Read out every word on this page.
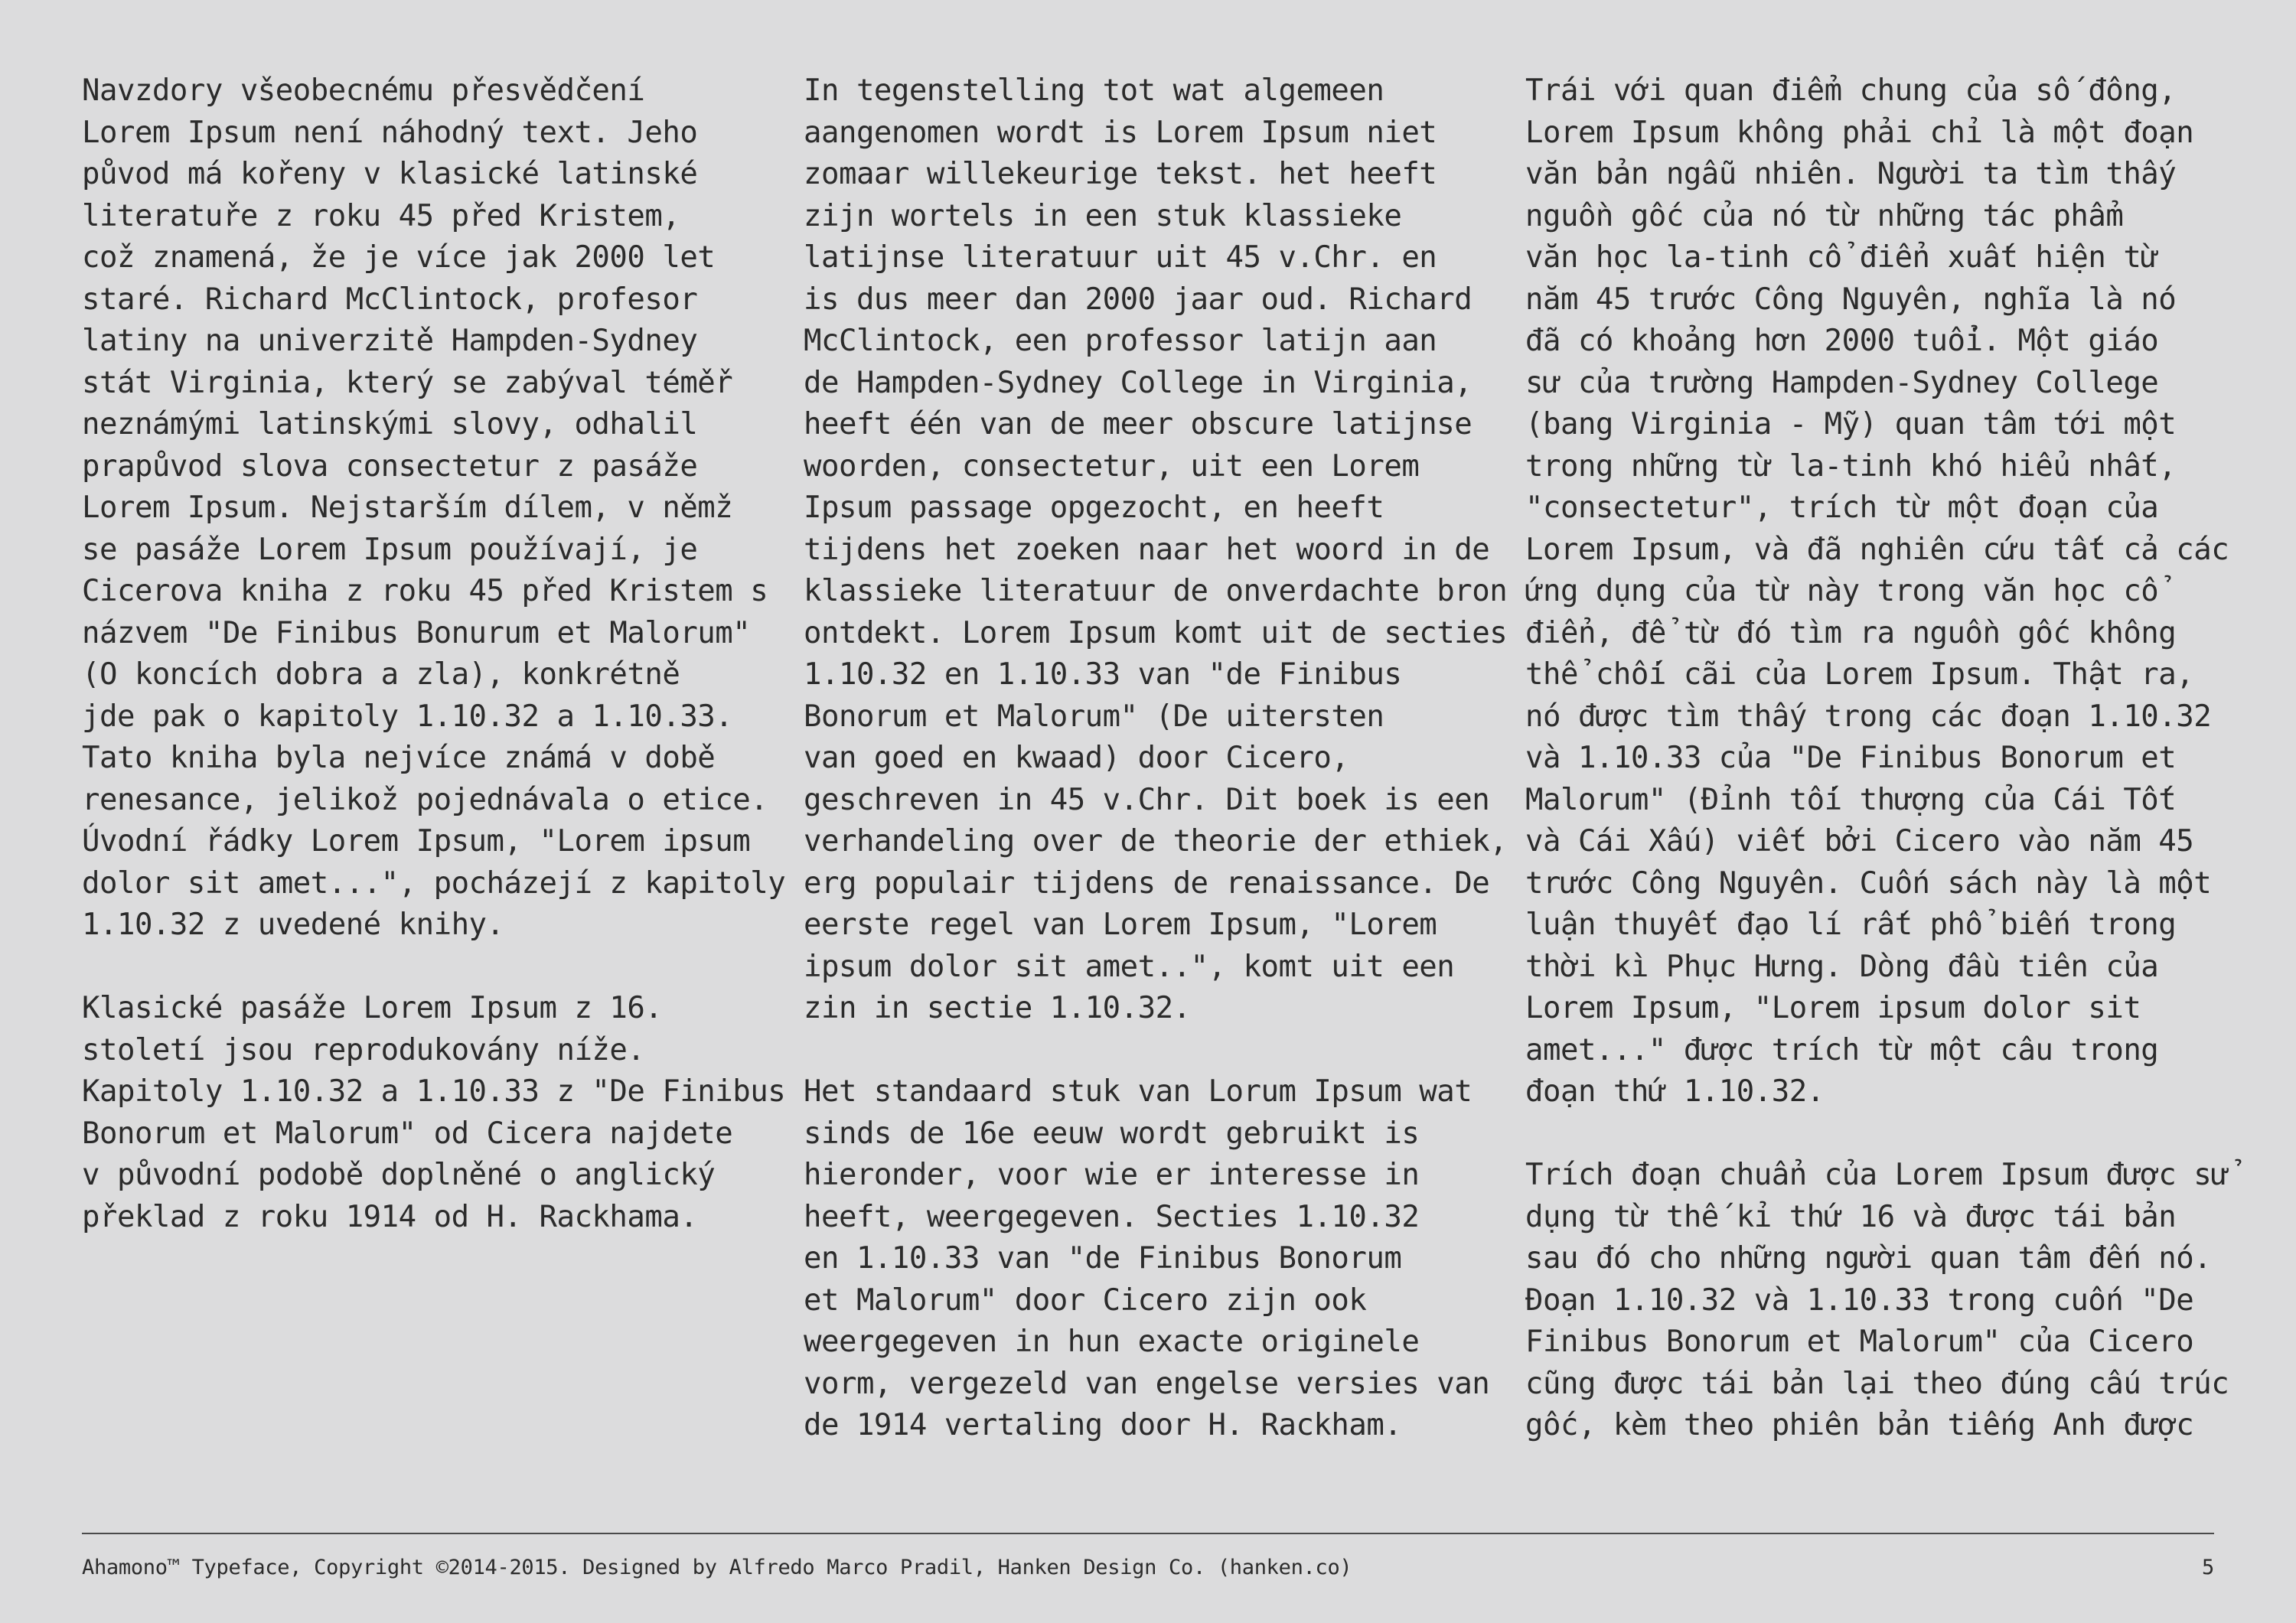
Navzdory všeobecnému přesvědčení
Lorem Ipsum není náhodný text. Jeho
původ má kořeny v klasické latinské
literatuře z roku 45 před Kristem,
což znamená, že je více jak 2000 let
staré. Richard McClintock, profesor
latiny na univerzitě Hampden-Sydney
stát Virginia, který se zabýval téměř
neznámými latinskými slovy, odhalil
prapůvod slova consectetur z pasáže
Lorem Ipsum. Nejstarším dílem, v němž
se pasáže Lorem Ipsum používají, je
Cicerova kniha z roku 45 před Kristem s
názvem "De Finibus Bonurum et Malorum"
(O koncích dobra a zla), konkrétně
jde pak o kapitoly 1.10.32 a 1.10.33.
Tato kniha byla nejvíce známá v době
renesance, jelikož pojednávala o etice.
Úvodní řádky Lorem Ipsum, "Lorem ipsum
dolor sit amet...", pocházejí z kapitoly
1.10.32 z uvedené knihy.
Klasické pasáže Lorem Ipsum z 16.
století jsou reprodukovány níže.
Kapitoly 1.10.32 a 1.10.33 z "De Finibus
Bonorum et Malorum" od Cicera najdete
v původní podobě doplněné o anglický
překlad z roku 1914 od H. Rackhama.
In tegenstelling tot wat algemeen
aangenomen wordt is Lorem Ipsum niet
zomaar willekeurige tekst. het heeft
zijn wortels in een stuk klassieke
latijnse literatuur uit 45 v.Chr. en
is dus meer dan 2000 jaar oud. Richard
McClintock, een professor latijn aan
de Hampden-Sydney College in Virginia,
heeft één van de meer obscure latijnse
woorden, consectetur, uit een Lorem
Ipsum passage opgezocht, en heeft
tijdens het zoeken naar het woord in de
klassieke literatuur de onverdachte bron
ontdekt. Lorem Ipsum komt uit de secties
1.10.32 en 1.10.33 van "de Finibus
Bonorum et Malorum" (De uitersten
van goed en kwaad) door Cicero,
geschreven in 45 v.Chr. Dit boek is een
verhandeling over de theorie der ethiek,
erg populair tijdens de renaissance. De
eerste regel van Lorem Ipsum, "Lorem
ipsum dolor sit amet..", komt uit een
zin in sectie 1.10.32.
Het standaard stuk van Lorum Ipsum wat
sinds de 16e eeuw wordt gebruikt is
hieronder, voor wie er interesse in
heeft, weergegeven. Secties 1.10.32
en 1.10.33 van "de Finibus Bonorum
et Malorum" door Cicero zijn ook
weergegeven in hun exacte originele
vorm, vergezeld van engelse versies van
de 1914 vertaling door H. Rackham.
Trái với quan điểm chung của số đông,
Lorem Ipsum không phải chỉ là một đoạn
văn bản ngẫu nhiên. Người ta tìm thấy
nguồn gốc của nó từ những tác phẩm
văn học la-tinh cổ điển xuất hiện từ
năm 45 trước Công Nguyên, nghĩa là nó
đã có khoảng hơn 2000 tuổi. Một giáo
sư của trường Hampden-Sydney College
(bang Virginia - Mỹ) quan tâm tới một
trong những từ la-tinh khó hiểu nhất,
"consectetur", trích từ một đoạn của
Lorem Ipsum, và đã nghiên cứu tất cả các
ứng dụng của từ này trong văn học cổ
điển, để từ đó tìm ra nguồn gốc không
thể chối cãi của Lorem Ipsum. Thật ra,
nó được tìm thấy trong các đoạn 1.10.32
và 1.10.33 của "De Finibus Bonorum et
Malorum" (Đỉnh tối thượng của Cái Tốt
và Cái Xấu) viết bởi Cicero vào năm 45
trước Công Nguyên. Cuốn sách này là một
luận thuyết đạo lí rất phổ biến trong
thời kì Phục Hưng. Dòng đầu tiên của
Lorem Ipsum, "Lorem ipsum dolor sit
amet..." được trích từ một câu trong
đoạn thứ 1.10.32.
Trích đoạn chuẩn của Lorem Ipsum được sử
dụng từ thế kỉ thứ 16 và được tái bản
sau đó cho những người quan tâm đến nó.
Đoạn 1.10.32 và 1.10.33 trong cuốn "De
Finibus Bonorum et Malorum" của Cicero
cũng được tái bản lại theo đúng cấu trúc
gốc, kèm theo phiên bản tiếng Anh được
Ahamono™ Typeface, Copyright ©2014-2015. Designed by Alfredo Marco Pradil, Hanken Design Co. (hanken.co)	5
